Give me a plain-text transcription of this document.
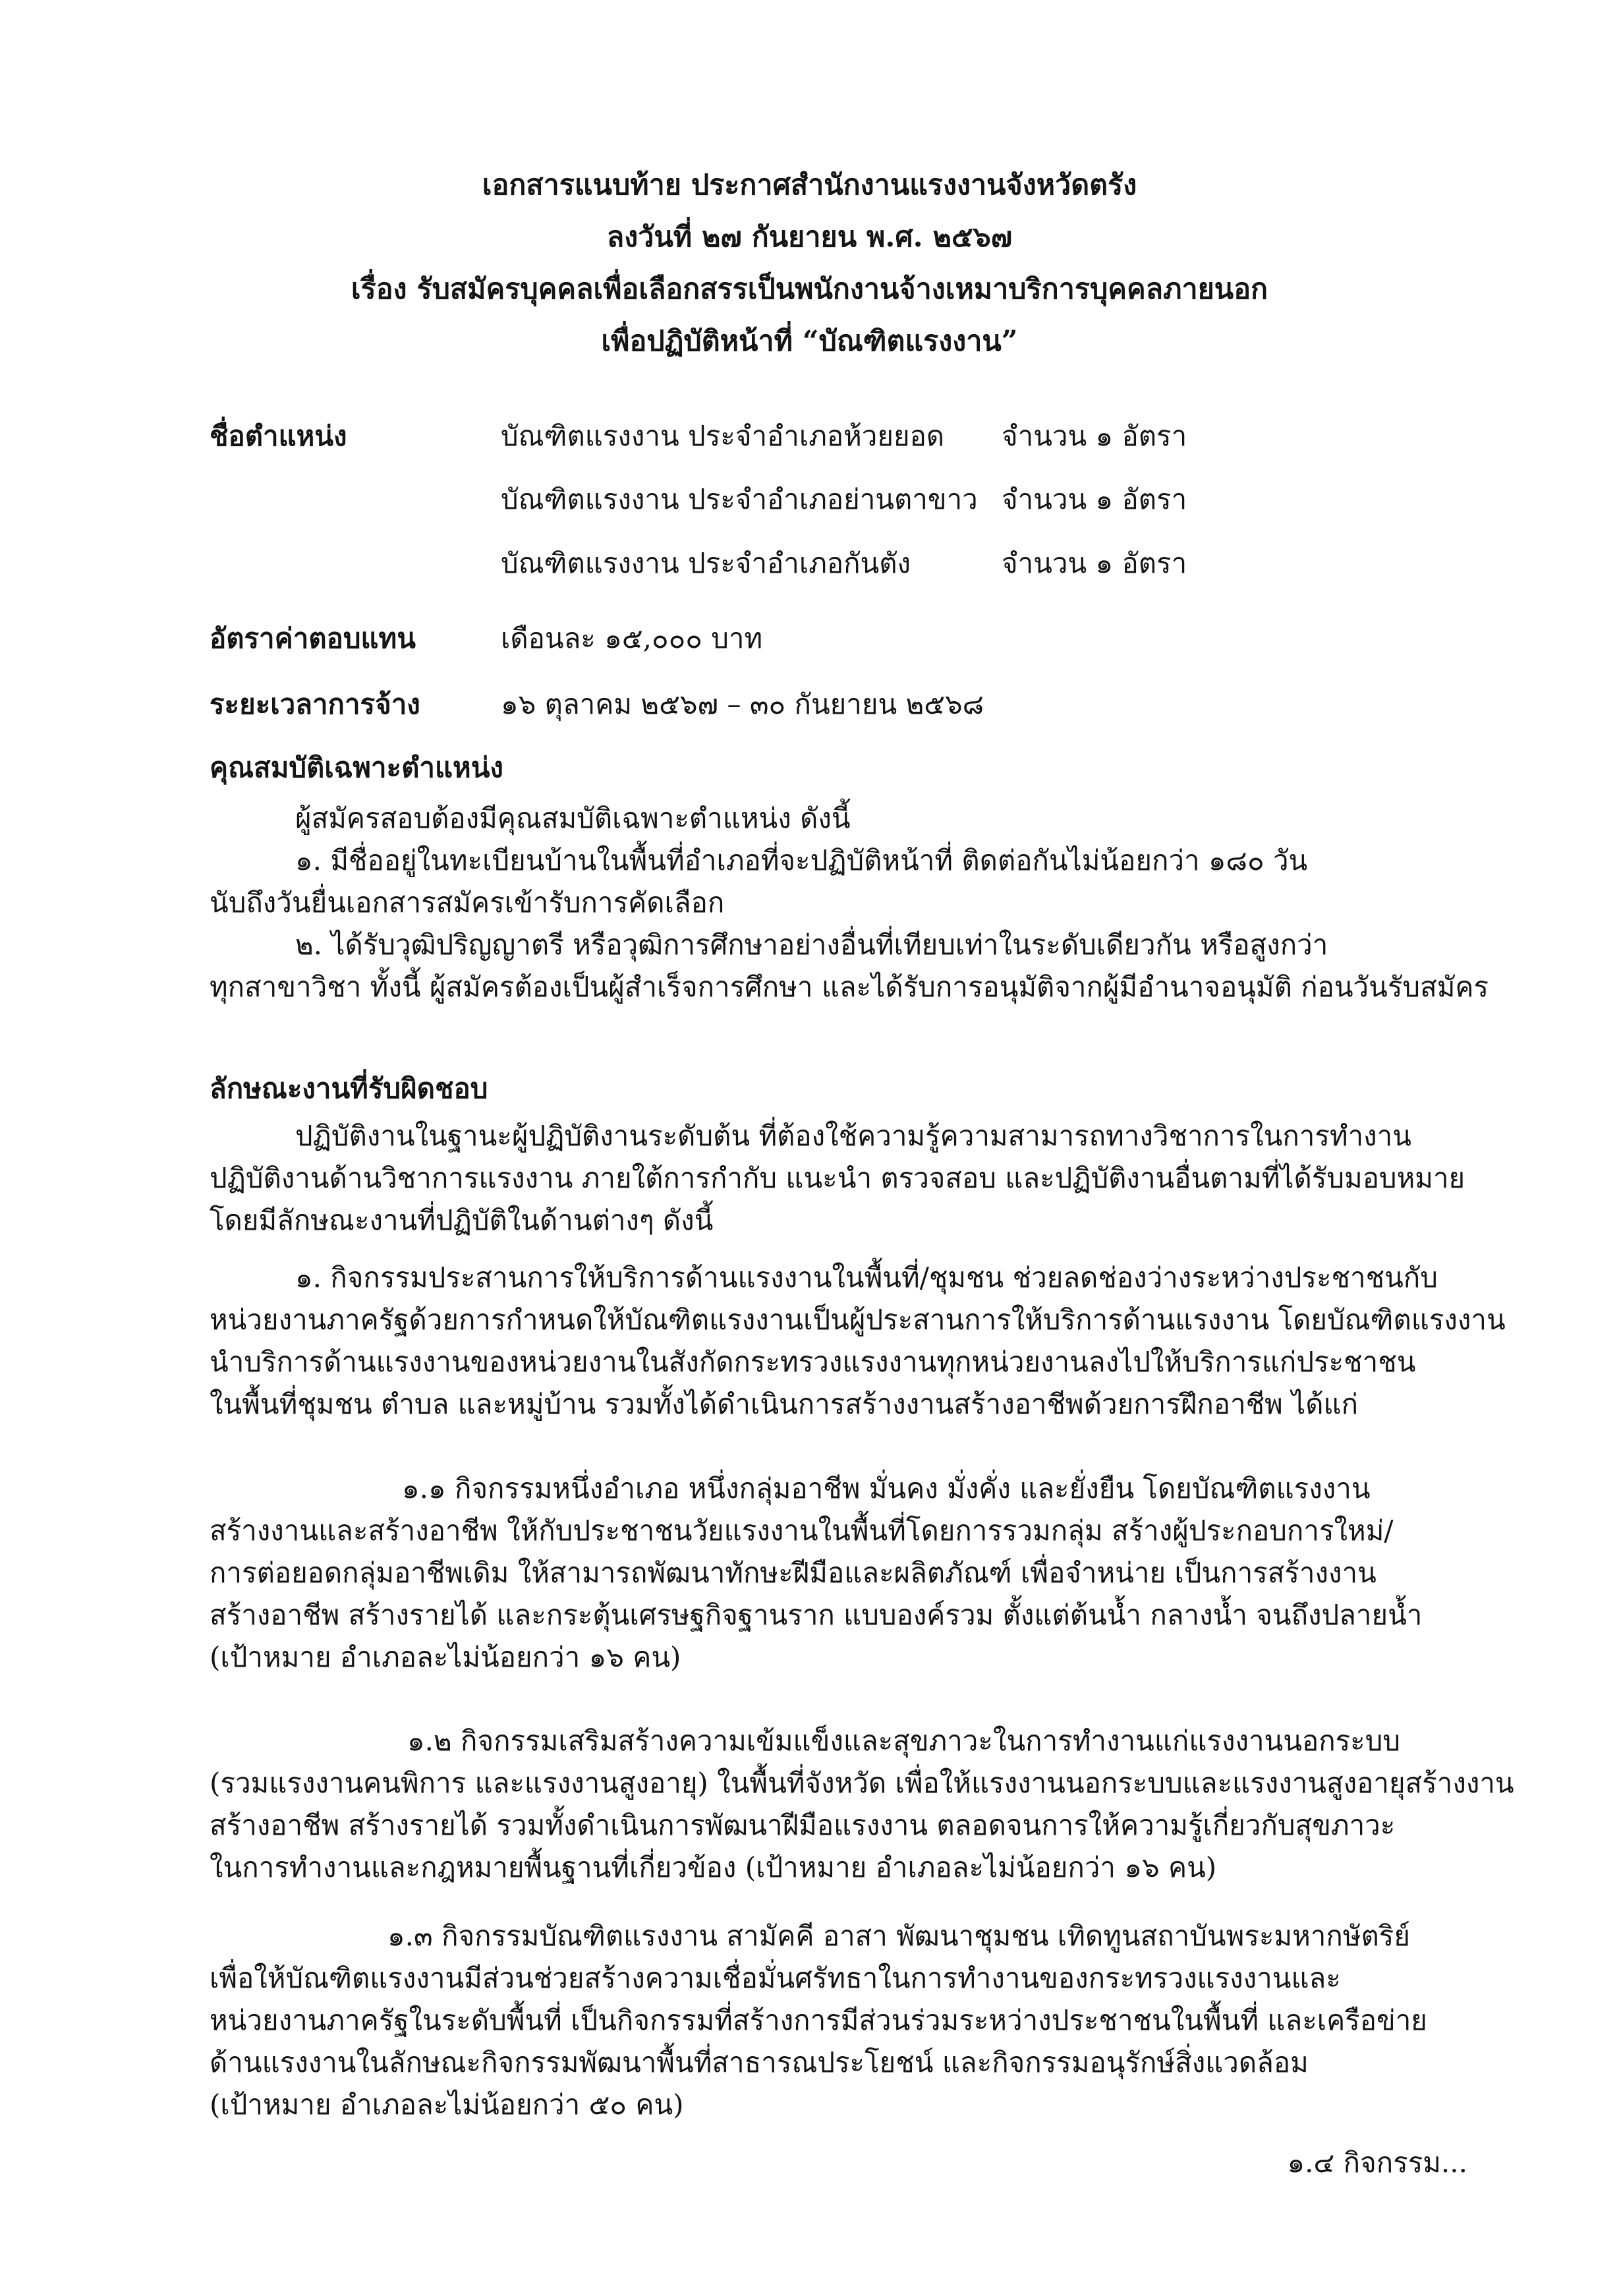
เอกสารแนบท้าย ประกาศสำนักงานแรงงานจังหวัดตรัง
ลงวันที่ ๒๗ กันยายน พ.ศ. ๒๕๖๗
เรื่อง รับสมัครบุคคลเพื่อเลือกสรรเป็นพนักงานจ้างเหมาบริการบุคคลภายนอก
เพื่อปฏิบัติหน้าที่ “บัณฑิตแรงงาน”
ชื่อตำแหน่ง	บัณฑิตแรงงาน ประจำอำเภอห้วยยอด จำนวน ๑ อัตรา
บัณฑิตแรงงาน ประจำอำเภอย่านตาขาว จำนวน ๑ อัตรา
บัณฑิตแรงงาน ประจำอำเภอกันตัง	จำนวน ๑ อัตรา
อัตราค่าตอบแทน	เดือนละ ๑๕,๐๐๐ บาท
ระยะเวลาการจ้าง	๑๖ ตุลาคม ๒๕๖๗ – ๓๐ กันยายน ๒๕๖๘
คุณสมบัติเฉพาะตำแหน่ง
ผู้สมัครสอบต้องมีคุณสมบัติเฉพาะตำแหน่ง ดังนี้
๑. มีชื่ออยู่ในทะเบียนบ้านในพื้นที่อำเภอที่จะปฏิบัติหน้าที่ ติดต่อกันไม่น้อยกว่า ๑๘๐ วัน
นับถึงวันยื่นเอกสารสมัครเข้ารับการคัดเลือก
๒. ได้รับวุฒิปริญญาตรี หรือวุฒิการศึกษาอย่างอื่นที่เทียบเท่าในระดับเดียวกัน หรือสูงกว่า
ทุกสาขาวิชา ทั้งนี้ ผู้สมัครต้องเป็นผู้สำเร็จการศึกษา และได้รับการอนุมัติจากผู้มีอำนาจอนุมัติ ก่อนวันรับสมัคร
ลักษณะงานที่รับผิดชอบ
ปฏิบัติงานในฐานะผู้ปฏิบัติงานระดับต้น ที่ต้องใช้ความรู้ความสามารถทางวิชาการในการทำงาน
ปฏิบัติงานด้านวิชาการแรงงาน ภายใต้การกำกับ แนะนำ ตรวจสอบ และปฏิบัติงานอื่นตามที่ได้รับมอบหมาย
โดยมีลักษณะงานที่ปฏิบัติในด้านต่างๆ ดังนี้
๑. กิจกรรมประสานการให้บริการด้านแรงงานในพื้นที่/ชุมชน ช่วยลดช่องว่างระหว่างประชาชนกับ
หน่วยงานภาครัฐด้วยการกำหนดให้บัณฑิตแรงงานเป็นผู้ประสานการให้บริการด้านแรงงาน โดยบัณฑิตแรงงาน
นำบริการด้านแรงงานของหน่วยงานในสังกัดกระทรวงแรงงานทุกหน่วยงานลงไปให้บริการแก่ประชาชน
ในพื้นที่ชุมชน ตำบล และหมู่บ้าน รวมทั้งได้ดำเนินการสร้างงานสร้างอาชีพด้วยการฝึกอาชีพ ได้แก่
๑.๑ กิจกรรมหนึ่งอำเภอ หนึ่งกลุ่มอาชีพ มั่นคง มั่งคั่ง และยั่งยืน โดยบัณฑิตแรงงาน
สร้างงานและสร้างอาชีพ ให้กับประชาชนวัยแรงงานในพื้นที่โดยการรวมกลุ่ม สร้างผู้ประกอบการใหม่/
การต่อยอดกลุ่มอาชีพเดิม ให้สามารถพัฒนาทักษะฝีมือและผลิตภัณฑ์ เพื่อจำหน่าย เป็นการสร้างงาน
สร้างอาชีพ สร้างรายได้ และกระตุ้นเศรษฐกิจฐานราก แบบองค์รวม ตั้งแต่ต้นน้ำ กลางน้ำ จนถึงปลายน้ำ
(เป้าหมาย อำเภอละไม่น้อยกว่า ๑๖ คน)
๑.๒ กิจกรรมเสริมสร้างความเข้มแข็งและสุขภาวะในการทำงานแก่แรงงานนอกระบบ
(รวมแรงงานคนพิการ และแรงงานสูงอายุ) ในพื้นที่จังหวัด เพื่อให้แรงงานนอกระบบและแรงงานสูงอายุสร้างงาน
สร้างอาชีพ สร้างรายได้ รวมทั้งดำเนินการพัฒนาฝีมือแรงงาน ตลอดจนการให้ความรู้เกี่ยวกับสุขภาวะ
ในการทำงานและกฎหมายพื้นฐานที่เกี่ยวข้อง (เป้าหมาย อำเภอละไม่น้อยกว่า ๑๖ คน)
๑.๓ กิจกรรมบัณฑิตแรงงาน สามัคคี อาสา พัฒนาชุมชน เทิดทูนสถาบันพระมหากษัตริย์
เพื่อให้บัณฑิตแรงงานมีส่วนช่วยสร้างความเชื่อมั่นศรัทธาในการทำงานของกระทรวงแรงงานและ
หน่วยงานภาครัฐในระดับพื้นที่ เป็นกิจกรรมที่สร้างการมีส่วนร่วมระหว่างประชาชนในพื้นที่ และเครือข่าย
ด้านแรงงานในลักษณะกิจกรรมพัฒนาพื้นที่สาธารณประโยชน์ และกิจกรรมอนุรักษ์สิ่งแวดล้อม
(เป้าหมาย อำเภอละไม่น้อยกว่า ๕๐ คน)
๑.๔ กิจกรรม...
